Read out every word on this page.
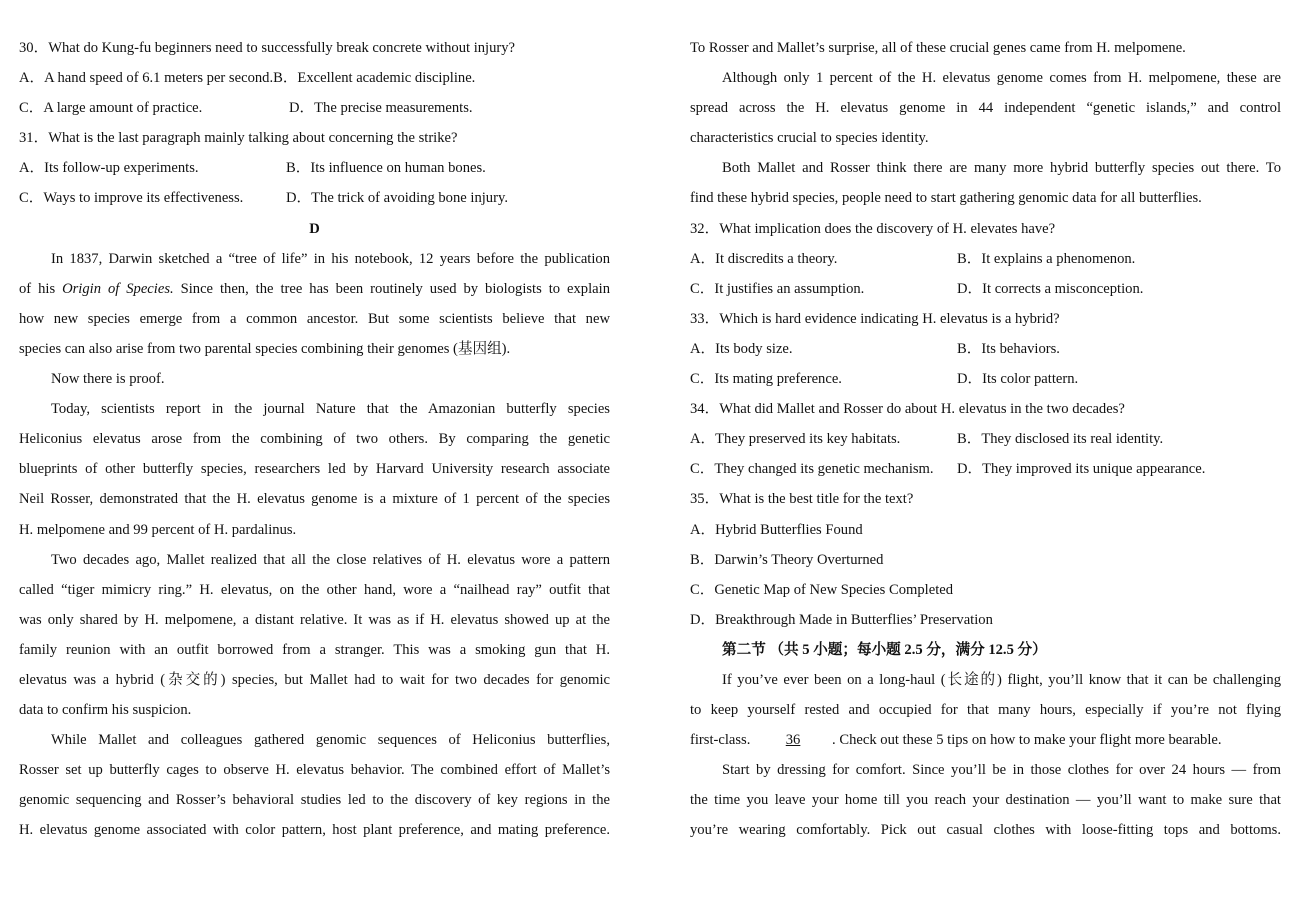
30．What do Kung-fu beginners need to successfully break concrete without injury?
A．A hand speed of 6.1 meters per second.B．Excellent academic discipline.
C．A large amount of practice.	D．The precise measurements.
31．What is the last paragraph mainly talking about concerning the strike?
A．Its follow-up experiments.	B．Its influence on human bones.
C．Ways to improve its effectiveness.	D．The trick of avoiding bone injury.
D
In 1837, Darwin sketched a “tree of life” in his notebook, 12 years before the publication
of his Origin of Species. Since then, the tree has been routinely used by biologists to explain
how new species emerge from a common ancestor. But some scientists believe that new
species can also arise from two parental species combining their genomes (基因组).
Now there is proof.
Today, scientists report in the journal Nature that the Amazonian butterfly species
Heliconius elevatus arose from the combining of two others. By comparing the genetic
blueprints of other butterfly species, researchers led by Harvard University research associate
Neil Rosser, demonstrated that the H. elevatus genome is a mixture of 1 percent of the species
H. melpomene and 99 percent of H. pardalinus.
Two decades ago, Mallet realized that all the close relatives of H. elevatus wore a pattern
called “tiger mimicry ring.” H. elevatus, on the other hand, wore a “nailhead ray” outfit that
was only shared by H. melpomene, a distant relative. It was as if H. elevatus showed up at the
family reunion with an outfit borrowed from a stranger. This was a smoking gun that H.
elevatus was a hybrid (杂交的) species, but Mallet had to wait for two decades for genomic
data to confirm his suspicion.
While Mallet and colleagues gathered genomic sequences of Heliconius butterflies,
Rosser set up butterfly cages to observe H. elevatus behavior. The combined effort of Mallet’s
genomic sequencing and Rosser’s behavioral studies led to the discovery of key regions in the
H. elevatus genome associated with color pattern, host plant preference, and mating preference.
To Rosser and Mallet’s surprise, all of these crucial genes came from H. melpomene.
Although only 1 percent of the H. elevatus genome comes from H. melpomene, these are
spread across the H. elevatus genome in 44 independent “genetic islands,” and control
characteristics crucial to species identity.
Both Mallet and Rosser think there are many more hybrid butterfly species out there. To
find these hybrid species, people need to start gathering genomic data for all butterflies.
32．What implication does the discovery of H. elevates have?
A．It discredits a theory.	B．It explains a phenomenon.
C．It justifies an assumption.	D．It corrects a misconception.
33．Which is hard evidence indicating H. elevatus is a hybrid?
A．Its body size.	B．Its behaviors.
C．Its mating preference.	D．Its color pattern.
34．What did Mallet and Rosser do about H. elevatus in the two decades?
A．They preserved its key habitats.	B．They disclosed its real identity.
C．They changed its genetic mechanism.	D．They improved its unique appearance.
35．What is the best title for the text?
A．Hybrid Butterflies Found
B．Darwin’s Theory Overturned
C．Genetic Map of New Species Completed
D．Breakthrough Made in Butterflies’ Preservation
第二节 （共 5 小题；每小题 2.5 分，满分 12.5 分）
If you’ve ever been on a long-haul (长途的) flight, you’ll know that it can be challenging
to keep yourself rested and occupied for that many hours, especially if you’re not flying
first-class. 36 . Check out these 5 tips on how to make your flight more bearable.
Start by dressing for comfort. Since you’ll be in those clothes for over 24 hours — from
the time you leave your home till you reach your destination — you’ll want to make sure that
you’re wearing comfortably. Pick out casual clothes with loose-fitting tops and bottoms.
